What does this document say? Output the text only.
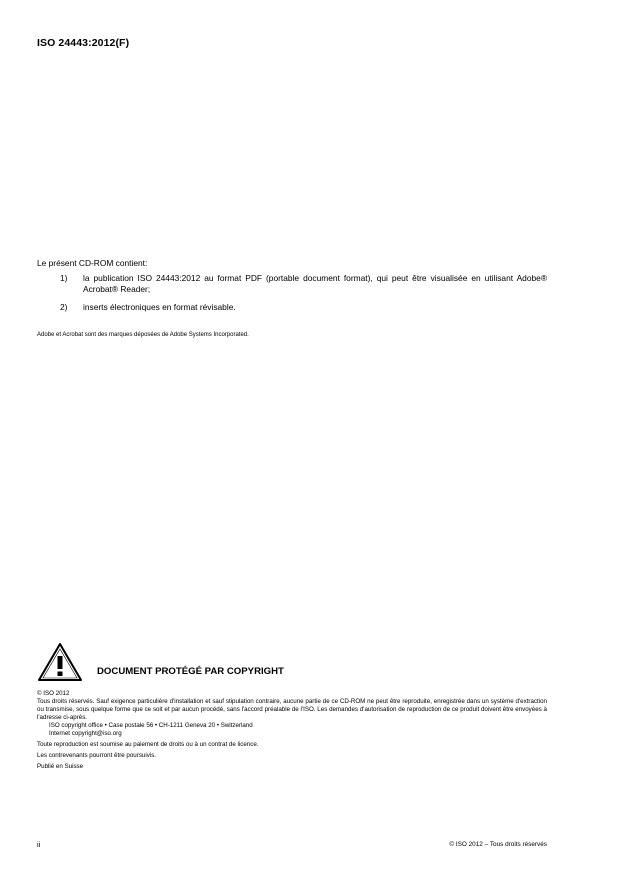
ISO 24443:2012(F)

Le présent CD-ROM contient:

1)	la publication ISO 24443:2012 au format PDF (portable document format), qui peut être visualisée en utilisant Adobe® Acrobat® Reader;
2)	inserts électroniques en format révisable.
Adobe et Acrobat sont des marques déposées de Adobe Systems Incorporated.
DOCUMENT PROTÉGÉ PAR COPYRIGHT

© ISO 2012

Tous droits réservés. Sauf exigence particulière d'installation et sauf stipulation contraire, aucune partie de ce CD-ROM ne peut être reproduite, enregistrée dans un système d'extraction ou transmise, sous quelque forme que ce soit et par aucun procédé, sans l'accord préalable de l'ISO. Les demandes d'autorisation de reproduction de ce produit doivent être envoyées à l'adresse ci-après.

ISO copyright office • Case postale 56 • CH-1211 Geneva 20 • Switzerland

Internet copyright@iso.org

Toute reproduction est soumise au paiement de droits ou à un contrat de licence.

Les contrevenants pourront être poursuivis.

Publié en Suisse

ii	© ISO 2012 – Tous droits réservés
